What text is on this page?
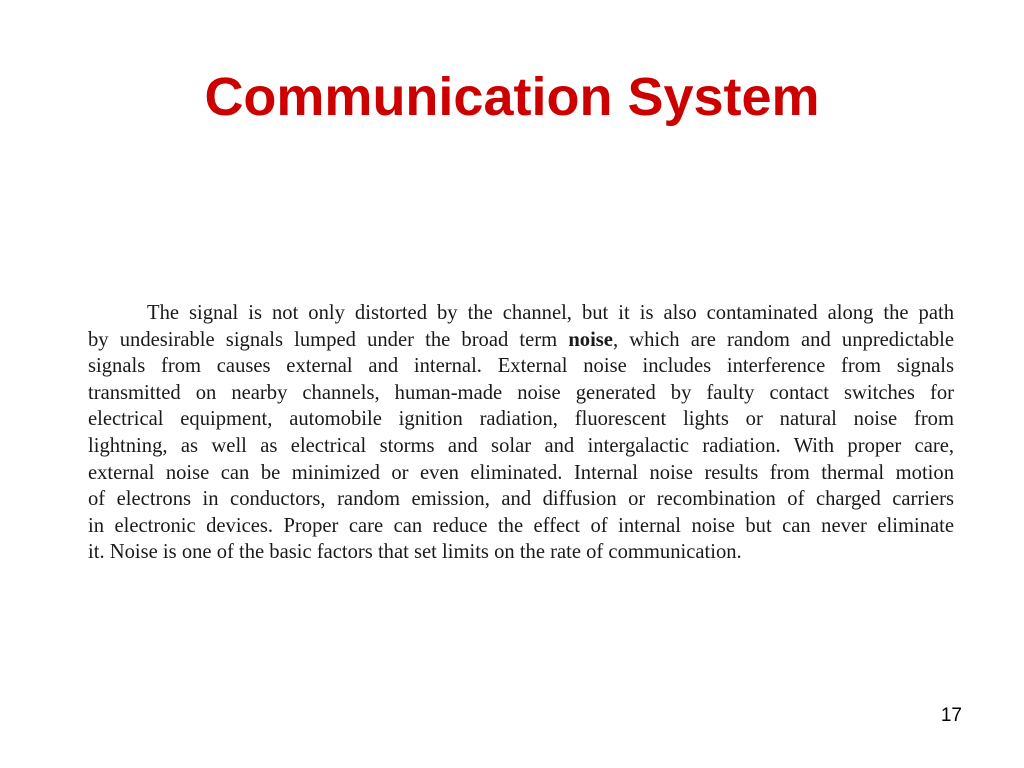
Communication System
The signal is not only distorted by the channel, but it is also contaminated along the path
by undesirable signals lumped under the broad term noise, which are random and unpredictable
signals from causes external and internal. External noise includes interference from signals
transmitted on nearby channels, human-made noise generated by faulty contact switches for
electrical equipment, automobile ignition radiation, fluorescent lights or natural noise from
lightning, as well as electrical storms and solar and intergalactic radiation. With proper care,
external noise can be minimized or even eliminated. Internal noise results from thermal motion
of electrons in conductors, random emission, and diffusion or recombination of charged carriers
in electronic devices. Proper care can reduce the effect of internal noise but can never eliminate
it. Noise is one of the basic factors that set limits on the rate of communication.
17
